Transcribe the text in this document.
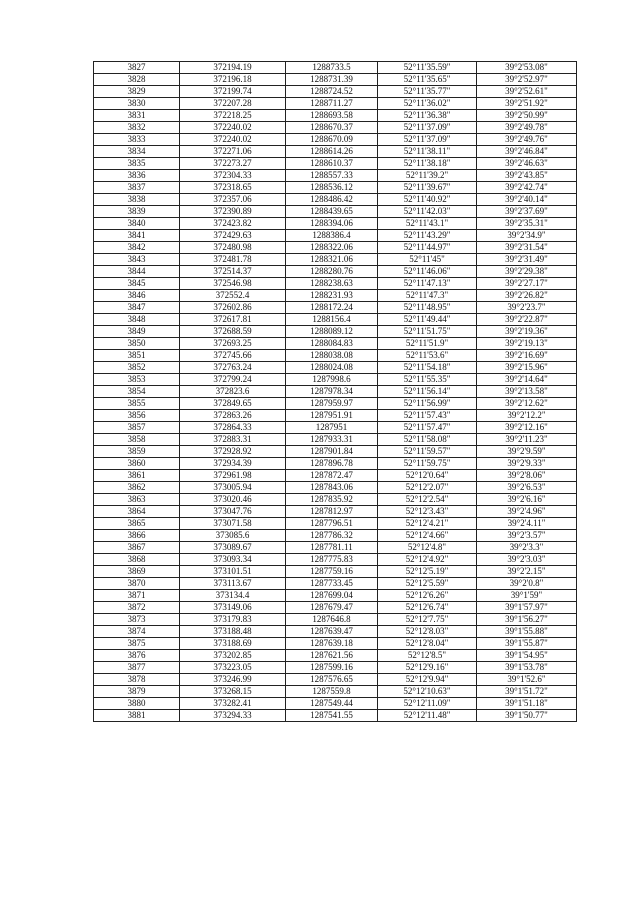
3827	372194.19	1288733.5	52°11'35.59"	39°2'53.08"
3828	372196.18	1288731.39	52°11'35.65"	39°2'52.97"
3829	372199.74	1288724.52	52°11'35.77"	39°2'52.61"
3830	372207.28	1288711.27	52°11'36.02"	39°2'51.92"
3831	372218.25	1288693.58	52°11'36.38"	39°2'50.99"
3832	372240.02	1288670.37	52°11'37.09"	39°2'49.78"
3833	372240.02	1288670.09	52°11'37.09"	39°2'49.76"
3834	372271.06	1288614.26	52°11'38.11"	39°2'46.84"
3835	372273.27	1288610.37	52°11'38.18"	39°2'46.63"
3836	372304.33	1288557.33	52°11'39.2"	39°2'43.85"
3837	372318.65	1288536.12	52°11'39.67"	39°2'42.74"
3838	372357.06	1288486.42	52°11'40.92"	39°2'40.14"
3839	372390.89	1288439.65	52°11'42.03"	39°2'37.69"
3840	372423.82	1288394.06	52°11'43.1"	39°2'35.31"
3841	372429.63	1288386.4	52°11'43.29"	39°2'34.9"
3842	372480.98	1288322.06	52°11'44.97"	39°2'31.54"
3843	372481.78	1288321.06	52°11'45"	39°2'31.49"
3844	372514.37	1288280.76	52°11'46.06"	39°2'29.38"
3845	372546.98	1288238.63	52°11'47.13"	39°2'27.17"
3846	372552.4	1288231.93	52°11'47.3"	39°2'26.82"
3847	372602.86	1288172.24	52°11'48.95"	39°2'23.7"
3848	372617.81	1288156.4	52°11'49.44"	39°2'22.87"
3849	372688.59	1288089.12	52°11'51.75"	39°2'19.36"
3850	372693.25	1288084.83	52°11'51.9"	39°2'19.13"
3851	372745.66	1288038.08	52°11'53.6"	39°2'16.69"
3852	372763.24	1288024.08	52°11'54.18"	39°2'15.96"
3853	372799.24	1287998.6	52°11'55.35"	39°2'14.64"
3854	372823.6	1287978.34	52°11'56.14"	39°2'13.58"
3855	372849.65	1287959.97	52°11'56.99"	39°2'12.62"
3856	372863.26	1287951.91	52°11'57.43"	39°2'12.2"
3857	372864.33	1287951	52°11'57.47"	39°2'12.16"
3858	372883.31	1287933.31	52°11'58.08"	39°2'11.23"
3859	372928.92	1287901.84	52°11'59.57"	39°2'9.59"
3860	372934.39	1287896.78	52°11'59.75"	39°2'9.33"
3861	372961.98	1287872.47	52°12'0.64"	39°2'8.06"
3862	373005.94	1287843.06	52°12'2.07"	39°2'6.53"
3863	373020.46	1287835.92	52°12'2.54"	39°2'6.16"
3864	373047.76	1287812.97	52°12'3.43"	39°2'4.96"
3865	373071.58	1287796.51	52°12'4.21"	39°2'4.11"
3866	373085.6	1287786.32	52°12'4.66"	39°2'3.57"
3867	373089.67	1287781.11	52°12'4.8"	39°2'3.3"
3868	373093.34	1287775.83	52°12'4.92"	39°2'3.03"
3869	373101.51	1287759.16	52°12'5.19"	39°2'2.15"
3870	373113.67	1287733.45	52°12'5.59"	39°2'0.8"
3871	373134.4	1287699.04	52°12'6.26"	39°1'59"
3872	373149.06	1287679.47	52°12'6.74"	39°1'57.97"
3873	373179.83	1287646.8	52°12'7.75"	39°1'56.27"
3874	373188.48	1287639.47	52°12'8.03"	39°1'55.88"
3875	373188.69	1287639.18	52°12'8.04"	39°1'55.87"
3876	373202.85	1287621.56	52°12'8.5"	39°1'54.95"
3877	373223.05	1287599.16	52°12'9.16"	39°1'53.78"
3878	373246.99	1287576.65	52°12'9.94"	39°1'52.6"
3879	373268.15	1287559.8	52°12'10.63"	39°1'51.72"
3880	373282.41	1287549.44	52°12'11.09"	39°1'51.18"
3881	373294.33	1287541.55	52°12'11.48"	39°1'50.77"
